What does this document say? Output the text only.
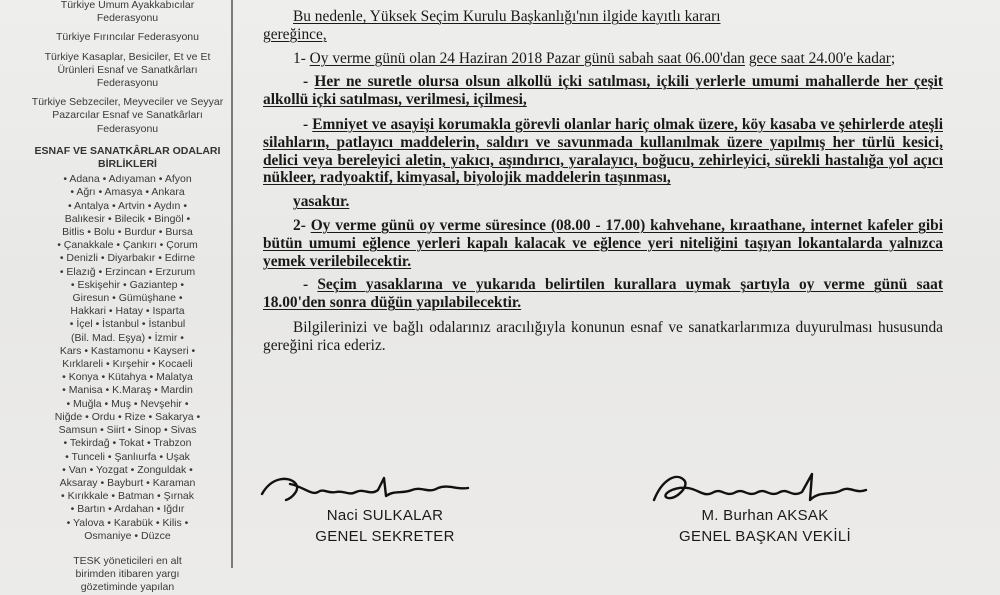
Türkiye Umum Ayakkabıcılar Federasyonu
Türkiye Fırıncılar Federasyonu
Türkiye Kasaplar, Besiciler, Et ve Et Ürünleri Esnaf ve Sanatkârları Federasyonu
Türkiye Sebzeciler, Meyveciler ve Seyyar Pazarcılar Esnaf ve Sanatkârları Federasyonu
ESNAF VE SANATKÂRLAR ODALARI BİRLİKLERİ
• Adana • Adıyaman • Afyon
• Ağrı • Amasya • Ankara
• Antalya • Artvin • Aydın •
Balıkesir • Bilecik • Bingöl •
Bitlis • Bolu • Burdur • Bursa
• Çanakkale • Çankırı • Çorum
• Denizli • Diyarbakır • Edirne
• Elazığ • Erzincan • Erzurum
• Eskişehir • Gaziantep •
Giresun • Gümüşhane •
Hakkari • Hatay • Isparta
• İçel • İstanbul • İstanbul
(Bil. Mad. Eşya) • İzmir •
Kars • Kastamonu • Kayseri •
Kırklareli • Kırşehir • Kocaeli
• Konya • Kütahya • Malatya
• Manisa • K.Maraş • Mardin
• Muğla • Muş • Nevşehir •
Niğde • Ordu • Rize • Sakarya •
Samsun • Siirt • Sinop • Sivas
• Tekirdağ • Tokat • Trabzon
• Tunceli • Şanlıurfa • Uşak
• Van • Yozgat • Zonguldak •
Aksaray • Bayburt • Karaman
• Kırıkkale • Batman • Şırnak
• Bartın • Ardahan • Iğdır
• Yalova • Karabük • Kilis •
Osmaniye • Düzce
TESK yöneticileri en alt
birimden itibaren yargı
gözetiminde yapılan

Bu nedenle, Yüksek Seçim Kurulu Başkanlığı'nın ilgide kayıtlı kararı
gereğince,

1- Oy verme günü olan 24 Haziran 2018 Pazar günü sabah saat 06.00'dan gece saat 24.00'e kadar;

- Her ne suretle olursa olsun alkollü içki satılması, içkili yerlerle umumi mahallerde her çeşit alkollü içki satılması, verilmesi, içilmesi,

- Emniyet ve asayişi korumakla görevli olanlar hariç olmak üzere, köy kasaba ve şehirlerde ateşli silahların, patlayıcı maddelerin, saldırı ve savunmada kullanılmak üzere yapılmış her türlü kesici, delici veya bereleyici aletin, yakıcı, aşındırıcı, yaralayıcı, boğucu, zehirleyici, sürekli hastalığa yol açıcı nükleer, radyoaktif, kimyasal, biyolojik maddelerin taşınması,

yasaktır.

2- Oy verme günü oy verme süresince (08.00 - 17.00) kahvehane, kıraathane, internet kafeler gibi bütün umumi eğlence yerleri kapalı kalacak ve eğlence yeri niteliğini taşıyan lokantalarda yalnızca yemek verilebilecektir.

- Seçim yasaklarına ve yukarıda belirtilen kurallara uymak şartıyla oy verme günü saat 18.00'den sonra düğün yapılabilecektir.

Bilgilerinizi ve bağlı odalarınız aracılığıyla konunun esnaf ve sanatkarlarımıza duyurulması hususunda gereğini rica ederiz.

Naci SULKALAR
GENEL SEKRETER
M. Burhan AKSAK
GENEL BAŞKAN VEKİLİ
